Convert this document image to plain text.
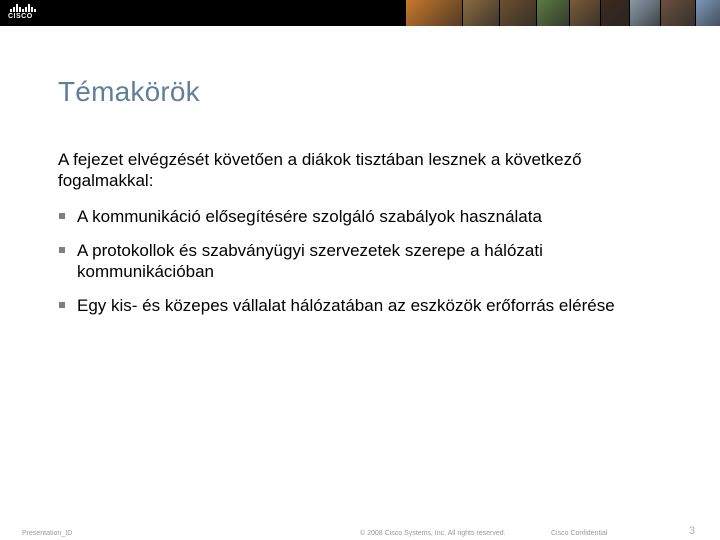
CISCO
Témakörök

A fejezet elvégzését követően a diákok tisztában lesznek a következő fogalmakkal:

A kommunikáció elősegítésére szolgáló szabályok használata
A protokollok és szabványügyi szervezetek szerepe a hálózati kommunikációban
Egy kis- és közepes vállalat hálózatában az eszközök erőforrás elérése
Presentation_ID	© 2008 Cisco Systems, Inc. All rights reserved.	Cisco Confidential	3
